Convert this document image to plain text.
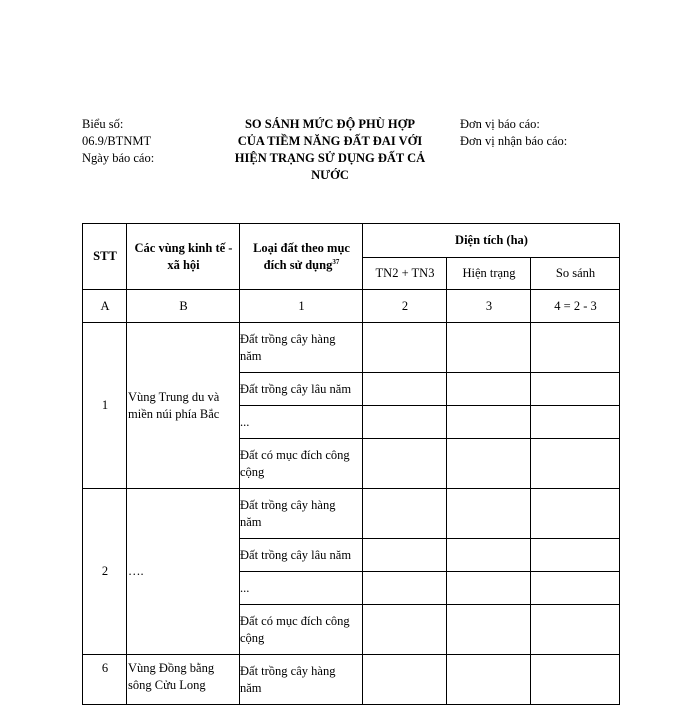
Biểu số:
06.9/BTNMT
Ngày báo cáo:
SO SÁNH MỨC ĐỘ PHÙ HỢP
CỦA TIỀM NĂNG ĐẤT ĐAI VỚI
HIỆN TRẠNG SỬ DỤNG ĐẤT CẢ
NƯỚC
Đơn vị báo cáo:
Đơn vị nhận báo cáo:
STT	Các vùng kinh tế - xã hội	Loại đất theo mục đích sử dụng$^{37}$	Diện tích (ha)		
			TN2 + TN3	Hiện trạng	So sánh
A	B	1	2	3	4 = 2 - 3
1	Vùng Trung du và miền núi phía Bắc	Đất trồng cây hàng năm			
		Đất trồng cây lâu năm			
		...			
		Đất có mục đích công cộng			
2	….	Đất trồng cây hàng năm			
		Đất trồng cây lâu năm			
		...			
		Đất có mục đích công cộng			
6	Vùng Đồng bằng sông Cửu Long	Đất trồng cây hàng năm			
